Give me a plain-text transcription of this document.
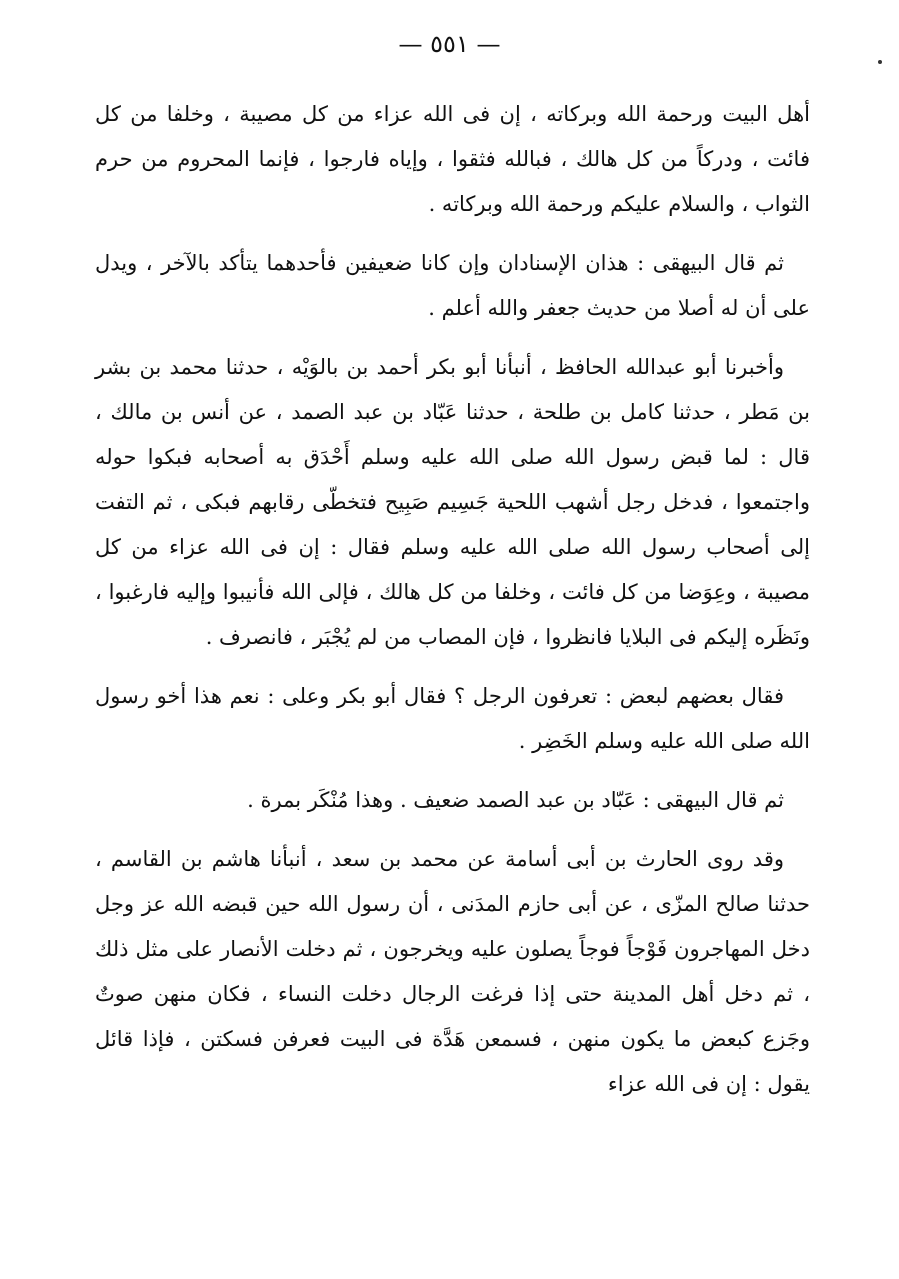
— ٥٥١ —

أهل البيت ورحمة الله وبركاته ، إن فى الله عزاء من كل مصيبة ، وخلفا من كل فائت ، ودركاً من كل هالك ، فبالله فثقوا ، وإياه فارجوا ، فإنما المحروم من حرم الثواب ، والسلام عليكم ورحمة الله وبركاته .

ثم قال البيهقى : هذان الإسنادان وإن كانا ضعيفين فأحدهما يتأكد بالآخر ، ويدل على أن له أصلا من حديث جعفر والله أعلم .

وأخبرنا أبو عبدالله الحافظ ، أنبأنا أبو بكر أحمد بن بالوَيْه ، حدثنا محمد بن بشر بن مَطر ، حدثنا كامل بن طلحة ، حدثنا عَبّاد بن عبد الصمد ، عن أنس بن مالك ، قال : لما قبض رسول الله صلى الله عليه وسلم أَحْدَق به أصحابه فبكوا حوله واجتمعوا ، فدخل رجل أشهب اللحية جَسِيم صَبِيح فتخطّى رقابهم فبكى ، ثم التفت إلى أصحاب رسول الله صلى الله عليه وسلم فقال : إن فى الله عزاء من كل مصيبة ، وعِوَضا من كل فائت ، وخلفا من كل هالك ، فإلى الله فأنيبوا وإليه فارغبوا ، ونَظَره إليكم فى البلايا فانظروا ، فإن المصاب من لم يُجْبَر ، فانصرف .

فقال بعضهم لبعض : تعرفون الرجل ؟ فقال أبو بكر وعلى : نعم هذا أخو رسول الله صلى الله عليه وسلم الخَضِر .

ثم قال البيهقى : عَبّاد بن عبد الصمد ضعيف . وهذا مُنْكَر بمرة .

وقد روى الحارث بن أبى أسامة عن محمد بن سعد ، أنبأنا هاشم بن القاسم ، حدثنا صالح المزّى ، عن أبى حازم المدَنى ، أن رسول الله حين قبضه الله عز وجل دخل المهاجرون فَوْجاً فوجاً يصلون عليه ويخرجون ، ثم دخلت الأنصار على مثل ذلك ، ثم دخل أهل المدينة حتى إذا فرغت الرجال دخلت النساء ، فكان منهن صوتٌ وجَزع كبعض ما يكون منهن ، فسمعن هَدَّة فى البيت فعرفن فسكتن ، فإذا قائل يقول : إن فى الله عزاء
